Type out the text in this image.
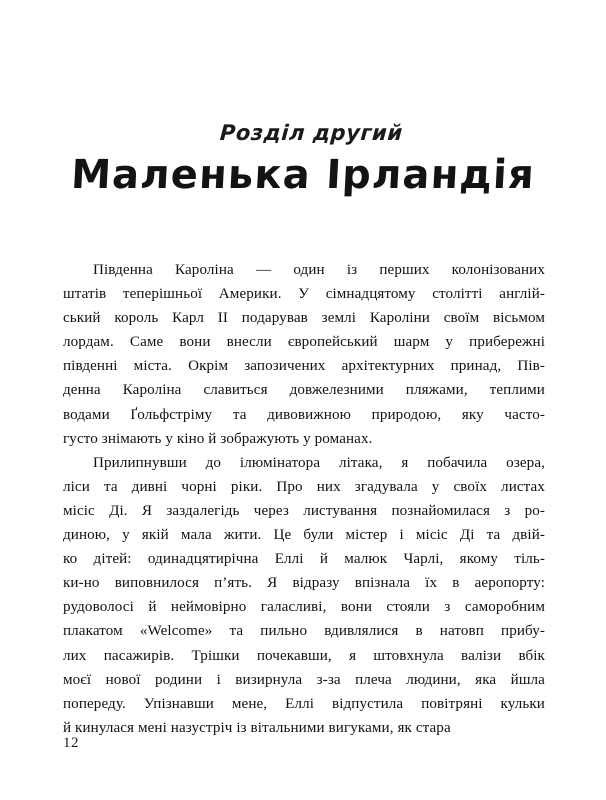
Розділ другий
Маленька Ірландія

Південна Кароліна — один із перших колонізованих
штатів теперішньої Америки. У сімнадцятому столітті англій-
ський король Карл II подарував землі Кароліни своїм вісьмом
лордам. Саме вони внесли європейський шарм у прибережні
південні міста. Окрім запозичених архітектурних принад, Пів-
денна Кароліна славиться довжелезними пляжами, теплими
водами Ґольфстріму та дивовижною природою, яку часто-
густо знімають у кіно й зображують у романах.

Прилипнувши до ілюмінатора літака, я побачила озера,
ліси та дивні чорні ріки. Про них згадувала у своїх листах
місіс Ді. Я заздалегідь через листування познайомилася з ро-
диною, у якій мала жити. Це були містер і місіс Ді та двій-
ко дітей: одинадцятирічна Еллі й малюк Чарлі, якому тіль-
ки-но виповнилося п’ять. Я відразу впізнала їх в аеропорту:
рудоволосі й неймовірно галасливі, вони стояли з саморобним
плакатом «Welcome» та пильно вдивлялися в натовп прибу-
лих пасажирів. Трішки почекавши, я штовхнула валізи вбік
моєї нової родини і визирнула з-за плеча людини, яка йшла
попереду. Упізнавши мене, Еллі відпустила повітряні кульки
й кинулася мені назустріч із вітальними вигуками, як стара

12
